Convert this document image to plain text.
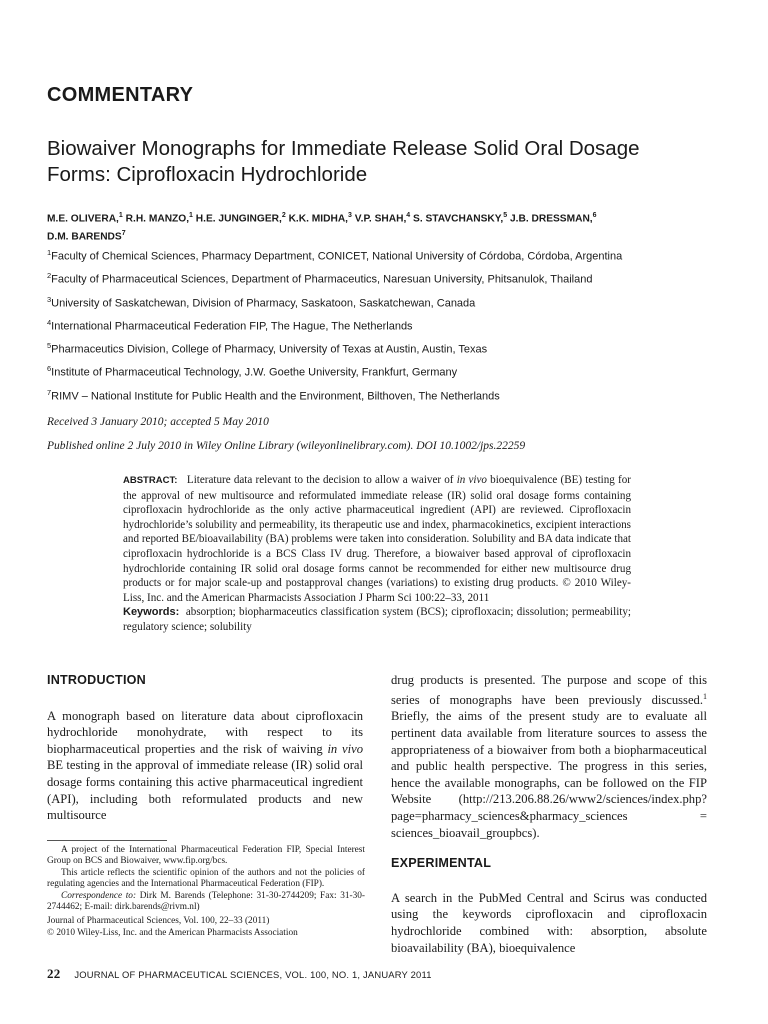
COMMENTARY
Biowaiver Monographs for Immediate Release Solid Oral Dosage Forms: Ciprofloxacin Hydrochloride
M.E. OLIVERA,$^1$ R.H. MANZO,$^1$ H.E. JUNGINGER,$^2$ K.K. MIDHA,$^3$ V.P. SHAH,$^4$ S. STAVCHANSKY,$^5$ J.B. DRESSMAN,$^6$
D.M. BARENDS$^7$
$^1$Faculty of Chemical Sciences, Pharmacy Department, CONICET, National University of Córdoba, Córdoba, Argentina
$^2$Faculty of Pharmaceutical Sciences, Department of Pharmaceutics, Naresuan University, Phitsanulok, Thailand
$^3$University of Saskatchewan, Division of Pharmacy, Saskatoon, Saskatchewan, Canada
$^4$International Pharmaceutical Federation FIP, The Hague, The Netherlands
$^5$Pharmaceutics Division, College of Pharmacy, University of Texas at Austin, Austin, Texas
$^6$Institute of Pharmaceutical Technology, J.W. Goethe University, Frankfurt, Germany
$^7$RIMV – National Institute for Public Health and the Environment, Bilthoven, The Netherlands
Received 3 January 2010; accepted 5 May 2010
Published online 2 July 2010 in Wiley Online Library (wileyonlinelibrary.com). DOI 10.1002/jps.22259
ABSTRACT: Literature data relevant to the decision to allow a waiver of in vivo bioequivalence (BE) testing for the approval of new multisource and reformulated immediate release (IR) solid oral dosage forms containing ciprofloxacin hydrochloride as the only active pharmaceutical ingredient (API) are reviewed. Ciprofloxacin hydrochloride’s solubility and permeability, its therapeutic use and index, pharmacokinetics, excipient interactions and reported BE/bioavailability (BA) problems were taken into consideration. Solubility and BA data indicate that ciprofloxacin hydrochloride is a BCS Class IV drug. Therefore, a biowaiver based approval of ciprofloxacin hydrochloride containing IR solid oral dosage forms cannot be recommended for either new multisource drug products or for major scale-up and postapproval changes (variations) to existing drug products. © 2010 Wiley-Liss, Inc. and the American Pharmacists Association J Pharm Sci 100:22–33, 2011
Keywords: absorption; biopharmaceutics classification system (BCS); ciprofloxacin; dissolution; permeability; regulatory science; solubility
INTRODUCTION
A monograph based on literature data about ciprofloxacin hydrochloride monohydrate, with respect to its biopharmaceutical properties and the risk of waiving in vivo BE testing in the approval of immediate release (IR) solid oral dosage forms containing this active pharmaceutical ingredient (API), including both reformulated products and new multisource
A project of the International Pharmaceutical Federation FIP, Special Interest Group on BCS and Biowaiver, www.fip.org/bcs.
This article reflects the scientific opinion of the authors and not the policies of regulating agencies and the International Pharmaceutical Federation (FIP).
Correspondence to: Dirk M. Barends (Telephone: 31-30-2744209; Fax: 31-30-2744462; E-mail: dirk.barends@rivm.nl)
Journal of Pharmaceutical Sciences, Vol. 100, 22–33 (2011)
© 2010 Wiley-Liss, Inc. and the American Pharmacists Association
drug products is presented. The purpose and scope of this series of monographs have been previously discussed.$^1$ Briefly, the aims of the present study are to evaluate all pertinent data available from literature sources to assess the appropriateness of a biowaiver from both a biopharmaceutical and public health perspective. The progress in this series, hence the available monographs, can be followed on the FIP Website (http://213.206.88.26/www2/sciences/index.php?page=pharmacy_sciences&pharmacy_sciences = sciences_bioavail_groupbcs).
EXPERIMENTAL
A search in the PubMed Central and Scirus was conducted using the keywords ciprofloxacin and ciprofloxacin hydrochloride combined with: absorption, absolute bioavailability (BA), bioequivalence
22 JOURNAL OF PHARMACEUTICAL SCIENCES, VOL. 100, NO. 1, JANUARY 2011
